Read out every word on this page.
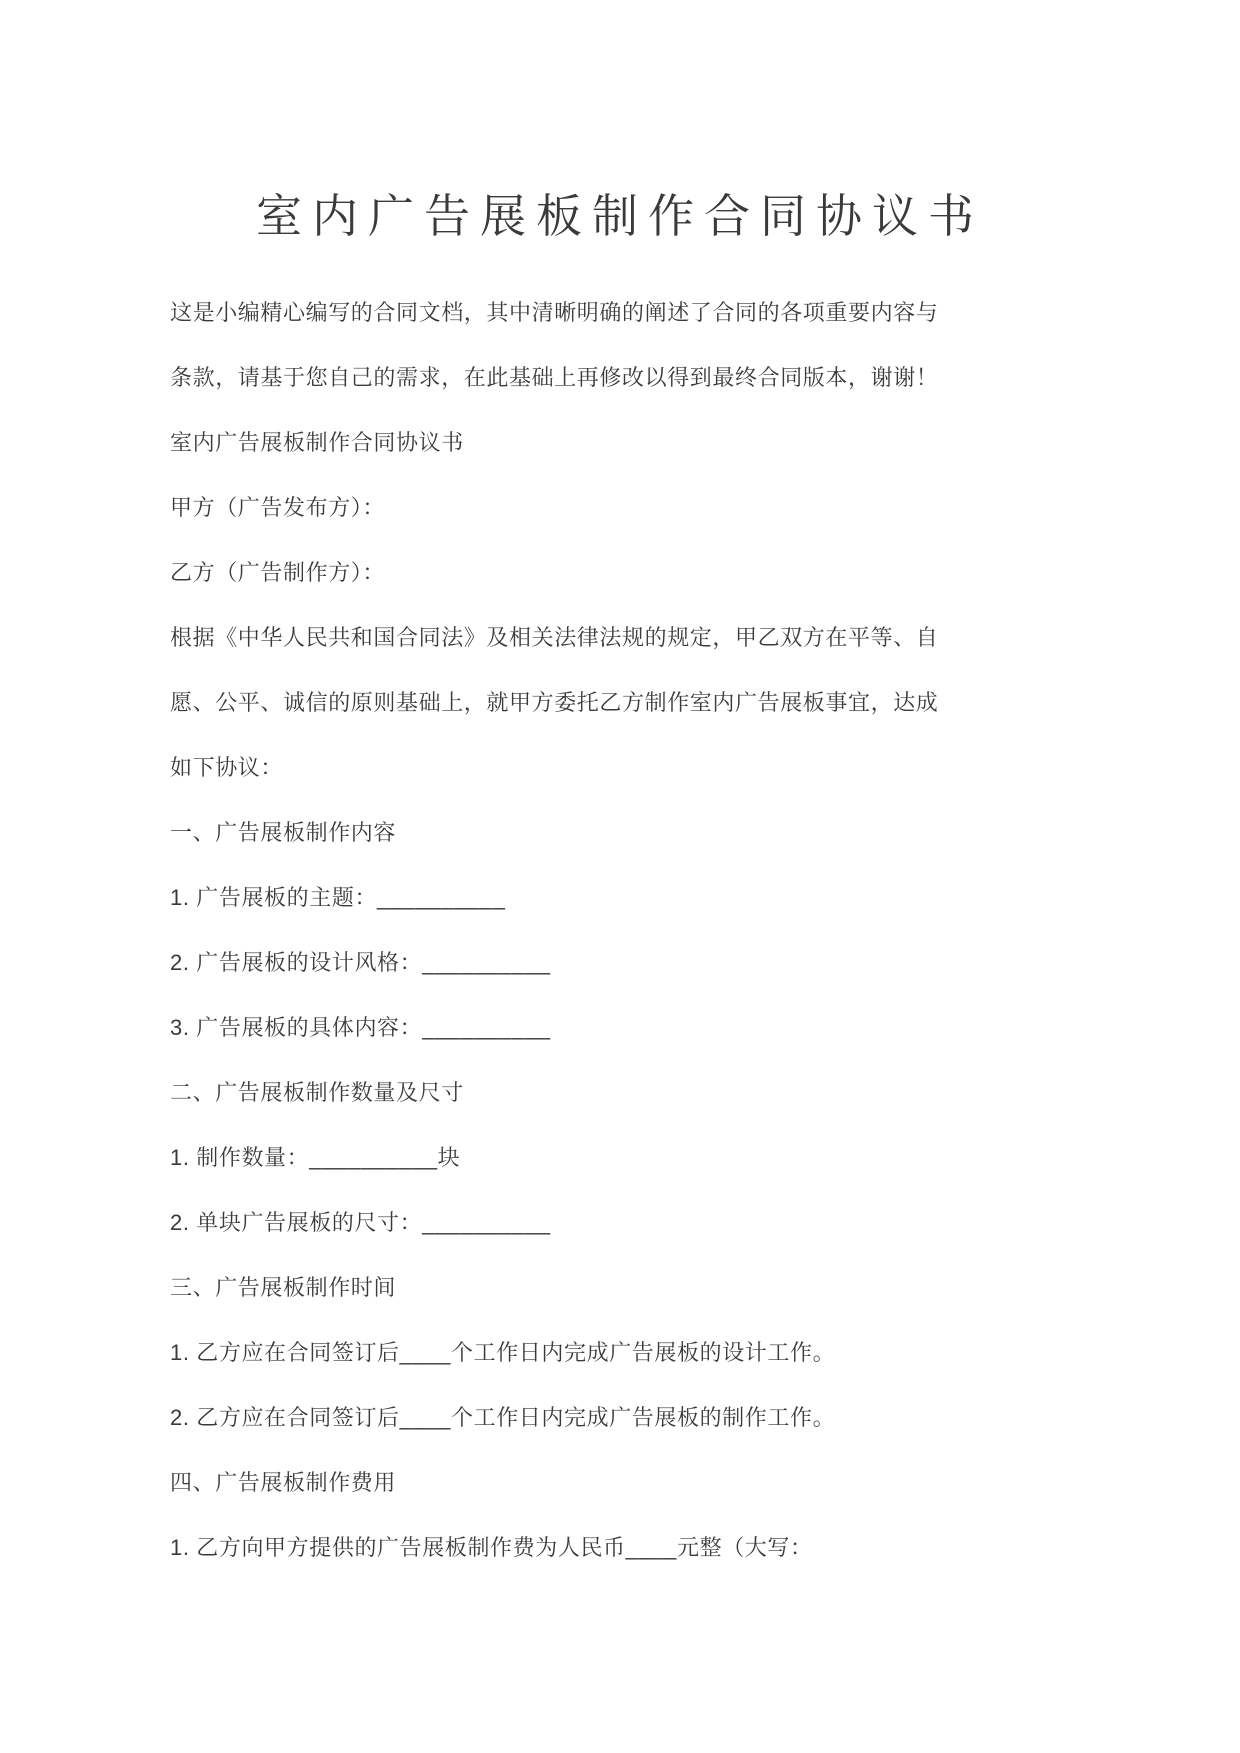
室内广告展板制作合同协议书
这是小编精心编写的合同文档，其中清晰明确的阐述了合同的各项重要内容与
条款，请基于您自己的需求，在此基础上再修改以得到最终合同版本，谢谢！
室内广告展板制作合同协议书
甲方（广告发布方）：
乙方（广告制作方）：
根据《中华人民共和国合同法》及相关法律法规的规定，甲乙双方在平等、自
愿、公平、诚信的原则基础上，就甲方委托乙方制作室内广告展板事宜，达成
如下协议：
一、广告展板制作内容
1. 广告展板的主题：__________
2. 广告展板的设计风格：__________
3. 广告展板的具体内容：__________
二、广告展板制作数量及尺寸
1. 制作数量：__________块
2. 单块广告展板的尺寸：__________
三、广告展板制作时间
1. 乙方应在合同签订后____个工作日内完成广告展板的设计工作。
2. 乙方应在合同签订后____个工作日内完成广告展板的制作工作。
四、广告展板制作费用
1. 乙方向甲方提供的广告展板制作费为人民币____元整（大写：
